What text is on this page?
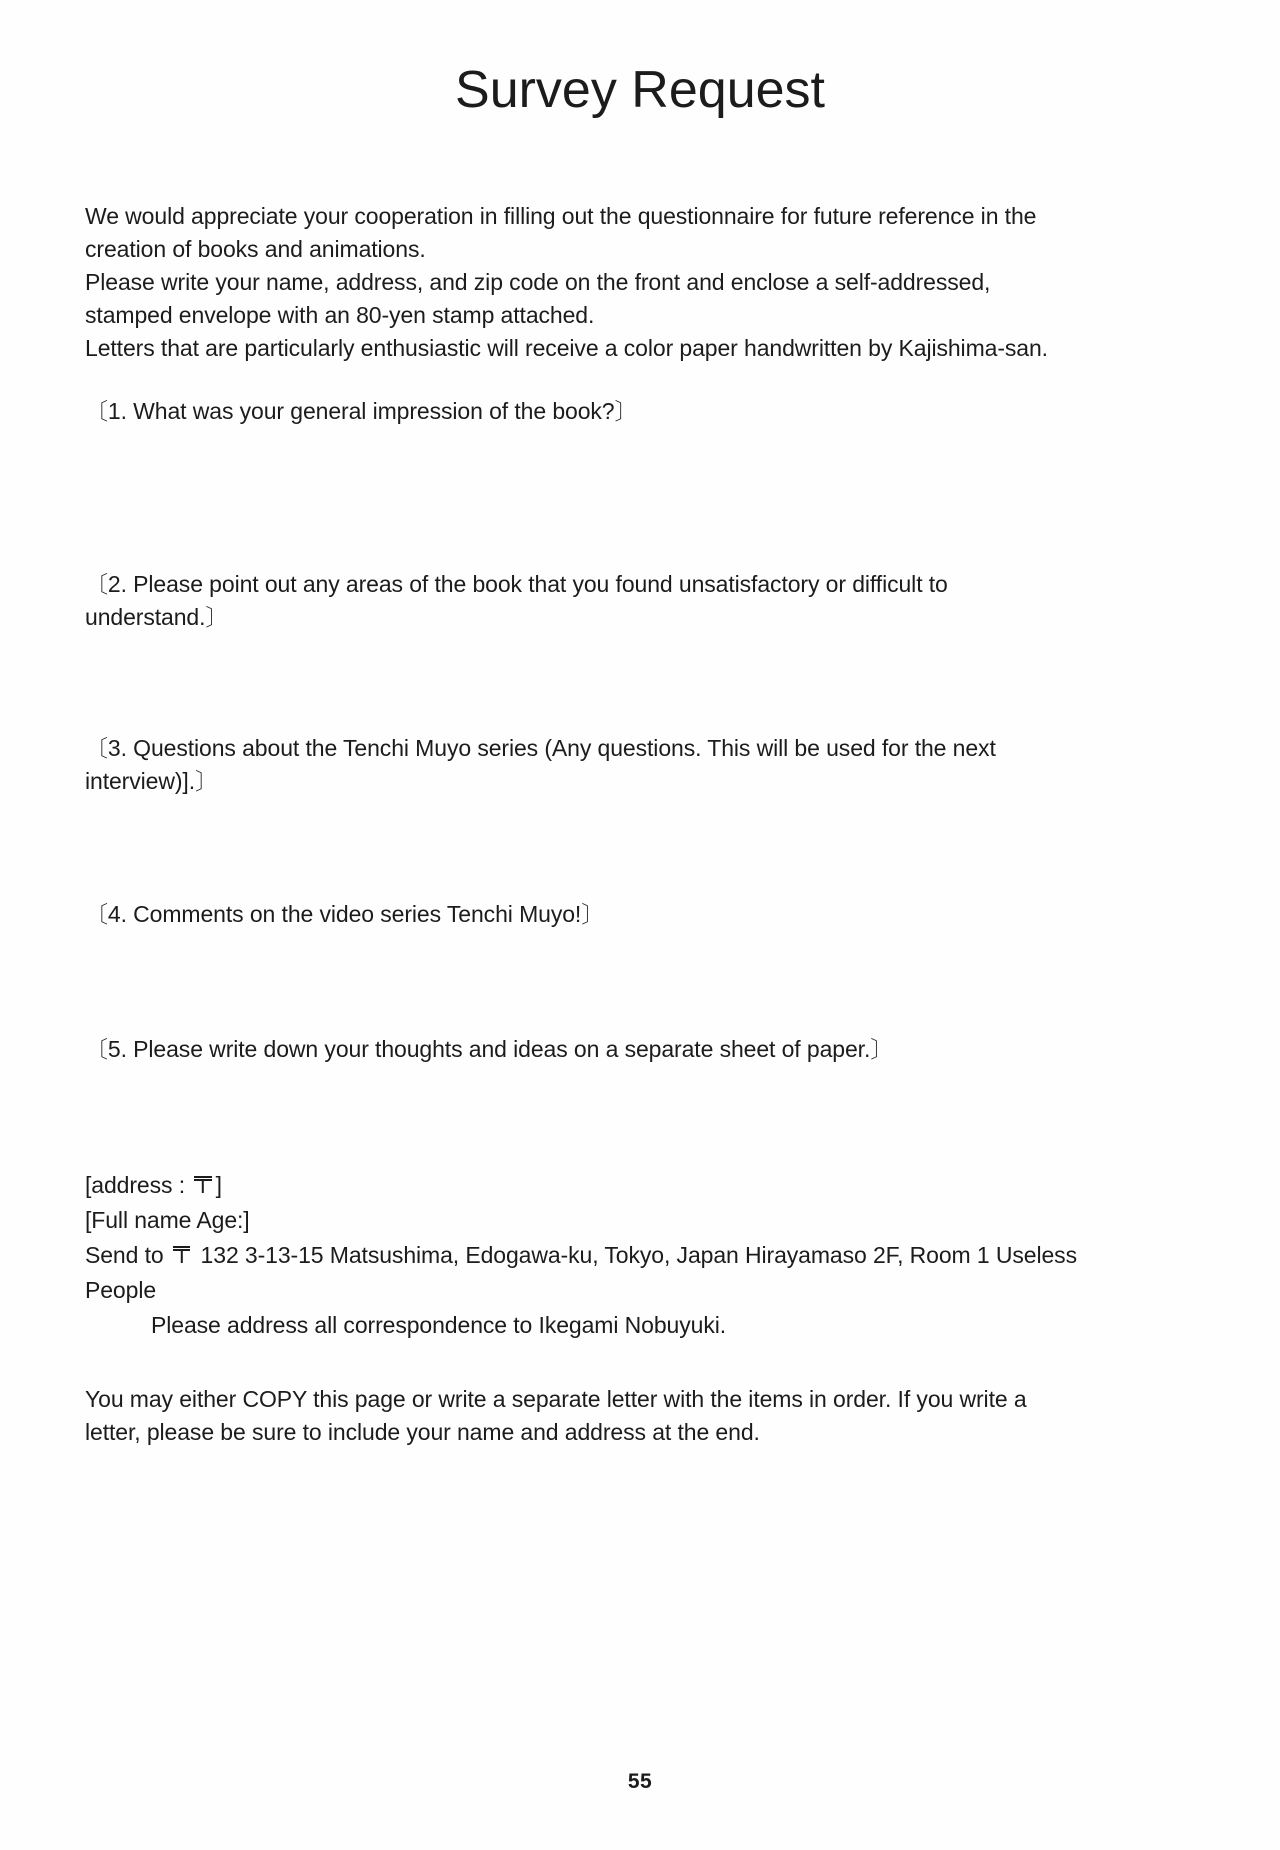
Survey Request
We would appreciate your cooperation in filling out the questionnaire for future reference in the
creation of books and animations.
Please write your name, address, and zip code on the front and enclose a self-addressed,
stamped envelope with an 80-yen stamp attached.
Letters that are particularly enthusiastic will receive a color paper handwritten by Kajishima-san.
〔1. What was your general impression of the book?〕
〔2. Please point out any areas of the book that you found unsatisfactory or difficult to
understand.〕
〔3. Questions about the Tenchi Muyo series (Any questions. This will be used for the next
interview)].〕
〔4. Comments on the video series Tenchi Muyo!〕
〔5. Please write down your thoughts and ideas on a separate sheet of paper.〕
[address : ]
[Full name Age:]
Send to  132 3-13-15 Matsushima, Edogawa-ku, Tokyo, Japan Hirayamaso 2F, Room 1 Useless
People
Please address all correspondence to Ikegami Nobuyuki.
You may either COPY this page or write a separate letter with the items in order. If you write a
letter, please be sure to include your name and address at the end.
55
